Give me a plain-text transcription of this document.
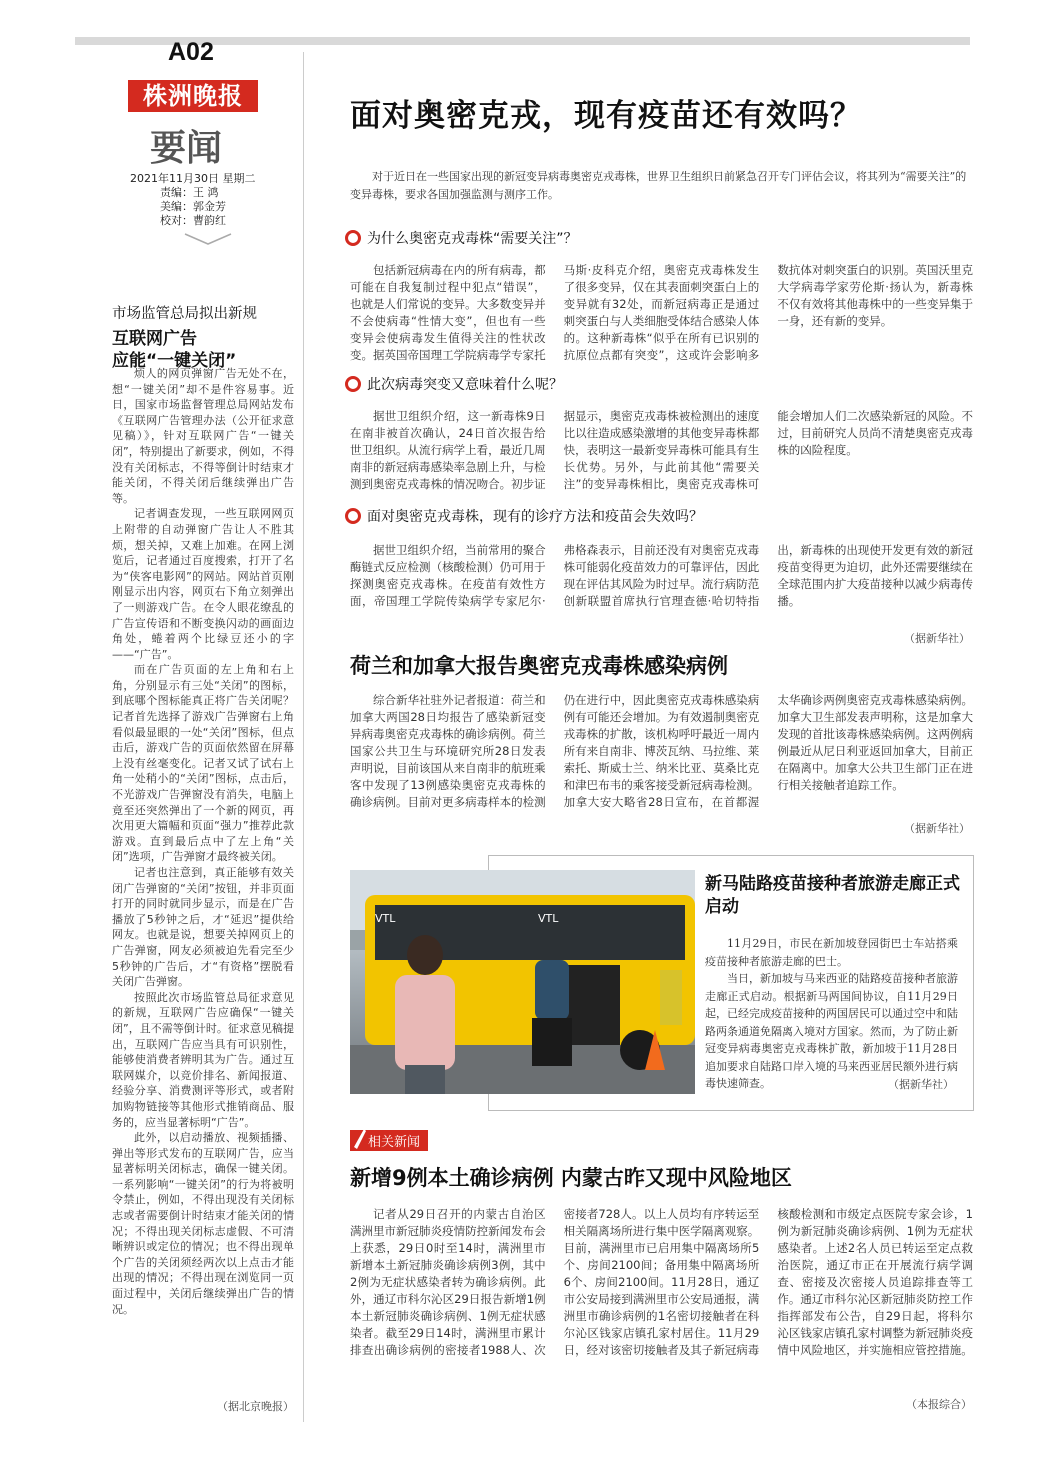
A02
株洲晚报
要闻
2021年11月30日 星期二
责编：王 鸿
美编：郭金芳
校对：曹韵红
面对奥密克戎，现有疫苗还有效吗？
对于近日在一些国家出现的新冠变异病毒奥密克戎毒株，世界卫生组织日前紧急召开专门评估会议，将其列为“需要关注”的变异毒株，要求各国加强监测与测序工作。
为什么奥密克戎毒株“需要关注”？

包括新冠病毒在内的所有病毒，都可能在自我复制过程中犯点“错误”，也就是人们常说的变异。大多数变异并不会使病毒“性情大变”，但也有一些变异会使病毒发生值得关注的性状改变。据英国帝国理工学院病毒学专家托马斯·皮科克介绍，奥密克戎毒株发生了很多变异，仅在其表面刺突蛋白上的变异就有32处，而新冠病毒正是通过刺突蛋白与人类细胞受体结合感染人体的。这种新毒株“似乎在所有已识别的抗原位点都有突变”，这或许会影响多数抗体对刺突蛋白的识别。英国沃里克大学病毒学家劳伦斯·扬认为，新毒株不仅有效将其他毒株中的一些变异集于一身，还有新的变异。

此次病毒突变又意味着什么呢？

据世卫组织介绍，这一新毒株9日在南非被首次确认，24日首次报告给世卫组织。从流行病学上看，最近几周南非的新冠病毒感染率急剧上升，与检测到奥密克戎毒株的情况吻合。初步证据显示，奥密克戎毒株被检测出的速度比以往造成感染激增的其他变异毒株都快，表明这一最新变异毒株可能具有生长优势。另外，与此前其他“需要关注”的变异毒株相比，奥密克戎毒株可能会增加人们二次感染新冠的风险。不过，目前研究人员尚不清楚奥密克戎毒株的凶险程度。

面对奥密克戎毒株，现有的诊疗方法和疫苗会失效吗？

据世卫组织介绍，当前常用的聚合酶链式反应检测（核酸检测）仍可用于探测奥密克戎毒株。在疫苗有效性方面，帝国理工学院传染病学专家尼尔·弗格森表示，目前还没有对奥密克戎毒株可能弱化疫苗效力的可靠评估，因此现在评估其风险为时过早。流行病防范创新联盟首席执行官理查德·哈切特指出，新毒株的出现使开发更有效的新冠疫苗变得更为迫切，此外还需要继续在全球范围内扩大疫苗接种以减少病毒传播。

（据新华社）
荷兰和加拿大报告奥密克戎毒株感染病例

综合新华社驻外记者报道：荷兰和加拿大两国28日均报告了感染新冠变异病毒奥密克戎毒株的确诊病例。荷兰国家公共卫生与环境研究所28日发表声明说，目前该国从来自南非的航班乘客中发现了13例感染奥密克戎毒株的确诊病例。目前对更多病毒样本的检测仍在进行中，因此奥密克戎毒株感染病例有可能还会增加。为有效遏制奥密克戎毒株的扩散，该机构呼吁最近一周内所有来自南非、博茨瓦纳、马拉维、莱索托、斯威士兰、纳米比亚、莫桑比克和津巴布韦的乘客接受新冠病毒检测。加拿大安大略省28日宣布，在首都渥太华确诊两例奥密克戎毒株感染病例。加拿大卫生部发表声明称，这是加拿大发现的首批该毒株感染病例。这两例病例最近从尼日利亚返回加拿大，目前正在隔离中。加拿大公共卫生部门正在进行相关接触者追踪工作。

（据新华社）
VTL	VTL
新马陆路疫苗接种者旅游走廊正式启动

11月29日，市民在新加坡登园街巴士车站搭乘疫苗接种者旅游走廊的巴士。

当日，新加坡与马来西亚的陆路疫苗接种者旅游走廊正式启动。根据新马两国间协议，自11月29日起，已经完成疫苗接种的两国居民可以通过空中和陆路两条通道免隔离入境对方国家。然而，为了防止新冠变异病毒奥密克戎毒株扩散，新加坡于11月28日追加要求自陆路口岸入境的马来西亚居民额外进行病毒快速筛查。	（据新华社）
相关新闻
新增9例本土确诊病例 内蒙古昨又现中风险地区

记者从29日召开的内蒙古自治区满洲里市新冠肺炎疫情防控新闻发布会上获悉，29日0时至14时，满洲里市新增本土新冠肺炎确诊病例3例，其中2例为无症状感染者转为确诊病例。此外，通辽市科尔沁区29日报告新增1例本土新冠肺炎确诊病例、1例无症状感染者。截至29日14时，满洲里市累计排查出确诊病例的密接者1988人、次密接者728人。以上人员均有序转运至相关隔离场所进行集中医学隔离观察。目前，满洲里市已启用集中隔离场所5个、房间2100间；备用集中隔离场所6个、房间2100间。11月28日，通辽市公安局接到满洲里市公安局通报，满洲里市确诊病例的1名密切接触者在科尔沁区钱家店镇孔家村居住。11月29日，经对该密切接触者及其子新冠病毒核酸检测和市级定点医院专家会诊，1例为新冠肺炎确诊病例、1例为无症状感染者。上述2名人员已转运至定点救治医院，通辽市正在开展流行病学调查、密接及次密接人员追踪排查等工作。通辽市科尔沁区新冠肺炎防控工作指挥部发布公告，自29日起，将科尔沁区钱家店镇孔家村调整为新冠肺炎疫情中风险地区，并实施相应管控措施。

（本报综合）
市场监管总局拟出新规
互联网广告
应能“一键关闭”

烦人的网页弹窗广告无处不在，想“一键关闭”却不是件容易事。近日，国家市场监督管理总局网站发布《互联网广告管理办法（公开征求意见稿）》，针对互联网广告“一键关闭”，特别提出了新要求，例如，不得没有关闭标志，不得等倒计时结束才能关闭，不得关闭后继续弹出广告等。

记者调查发现，一些互联网网页上附带的自动弹窗广告让人不胜其烦，想关掉，又难上加难。在网上浏览后，记者通过百度搜索，打开了名为“侠客电影网”的网站。网站首页刚刚显示出内容，网页右下角立刻弹出了一则游戏广告。在令人眼花缭乱的广告宣传语和不断变换闪动的画面边角处，蜷着两个比绿豆还小的字——“广告”。

而在广告页面的左上角和右上角，分别显示有三处“关闭”的图标，到底哪个图标能真正将广告关闭呢？记者首先选择了游戏广告弹窗右上角看似最显眼的一处“关闭”图标，但点击后，游戏广告的页面依然留在屏幕上没有丝毫变化。记者又试了试右上角一处稍小的“关闭”图标，点击后，不光游戏广告弹窗没有消失，电脑上竟至还突然弹出了一个新的网页，再次用更大篇幅和页面“强力”推荐此款游戏。直到最后点中了左上角“关闭”选项，广告弹窗才最终被关闭。

记者也注意到，真正能够有效关闭广告弹窗的“关闭”按钮，并非页面打开的同时就同步显示，而是在广告播放了5秒钟之后，才“延迟”提供给网友。也就是说，想要关掉网页上的广告弹窗，网友必须被迫先看完至少5秒钟的广告后，才“有资格”摆脱看关闭广告弹窗。

按照此次市场监管总局征求意见的新规，互联网广告应确保“一键关闭”，且不需等倒计时。征求意见稿提出，互联网广告应当具有可识别性，能够使消费者辨明其为广告。通过互联网媒介，以竞价排名、新闻报道、经验分享、消费测评等形式，或者附加购物链接等其他形式推销商品、服务的，应当显著标明“广告”。

此外，以启动播放、视频插播、弹出等形式发布的互联网广告，应当显著标明关闭标志，确保一键关闭。一系列影响“一键关闭”的行为将被明令禁止，例如，不得出现没有关闭标志或者需要倒计时结束才能关闭的情况；不得出现关闭标志虚假、不可清晰辨识或定位的情况；也不得出现单个广告的关闭须经两次以上点击才能出现的情况；不得出现在浏览同一页面过程中，关闭后继续弹出广告的情况。

（据北京晚报）
